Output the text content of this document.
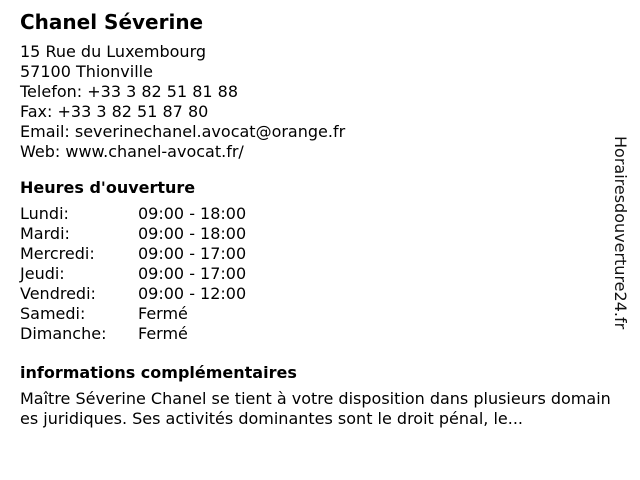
Chanel Séverine
15 Rue du Luxembourg
57100 Thionville
Telefon: +33 3 82 51 81 88
Fax: +33 3 82 51 87 80
Email: severinechanel.avocat@orange.fr
Web: www.chanel-avocat.fr/
Heures d'ouverture
Lundi:	09:00 - 18:00
Mardi:	09:00 - 18:00
Mercredi:	09:00 - 17:00
Jeudi:	09:00 - 17:00
Vendredi:	09:00 - 12:00
Samedi:	Fermé
Dimanche:	Fermé
informations complémentaires
Maître Séverine Chanel se tient à votre disposition dans plusieurs domaines juridiques. Ses activités dominantes sont le droit pénal, le...
Horairesdouverture24.fr
